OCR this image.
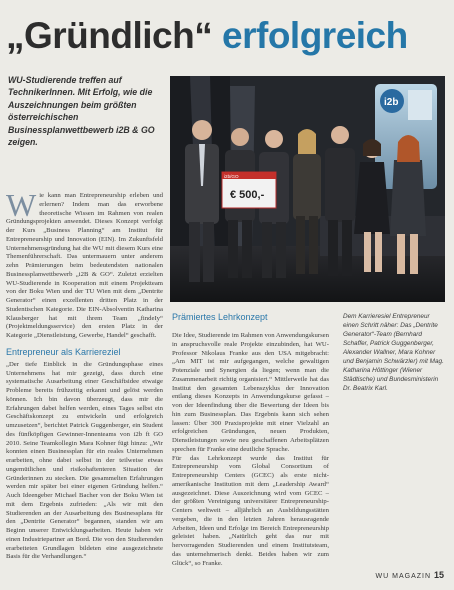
„Gründlich“ erfolgreich
WU-Studierende treffen auf TechnikerInnen. Mit Erfolg, wie die Auszeichnungen beim größten österreichischen Businessplanwettbewerb i2B & GO zeigen.
i2b
i2b/GO
€ 500,-

Wie kann man Entrepreneurship erleben und erlernen? Indem man das erworbene theoretische Wissen im Rahmen von realen Gründungsprojekten anwendet. Dieses Konzept verfolgt der Kurs „Business Planning“ am Institut für Entrepreneurship und Innovation (EIN). Im Zukunftsfeld Unternehmensgründung hat die WU mit diesem Kurs eine Themenführerschaft. Das untermauern unter anderem zehn Prämierungen beim bedeutendsten nationalen Businessplanwettbewerb „i2B & GO“. Zuletzt erzielten WU-Studierende in Kooperation mit einem Projektteam von der Boku Wien und der TU Wien mit dem „Dentrite Generator“ einen exzellenten dritten Platz in der Studentischen Kategorie. Die EIN-Absolventin Katharina Klausberger hat mit ihrem Team „findeIy“ (Projektmeldungsservice) den ersten Platz in der Kategorie „Dienstleistung, Gewerbe, Handel“ geschafft.

Entrepreneur als Karriereziel

„Der tiefe Einblick in die Gründungsphase eines Unternehmens hat mir gezeigt, dass durch eine systematische Ausarbeitung einer Geschäftsidee etwaige Probleme bereits frühzeitig erkannt und gelöst werden können. Ich bin davon überzeugt, dass mir die Erfahrungen dabei helfen werden, eines Tages selbst ein Geschäftskonzept zu entwickeln und erfolgreich umzusetzen“, berichtet Patrick Guggenberger, ein Student des fünfköpfigen Gewinner-Innenteams von i2b ft GO 2010. Seine Teamkollegin Mara Kohner fügt hinzu: „Wir konnten einen Businessplan für ein reales Unternehmen erarbeiten, ohne dabei selbst in der teilweise etwas ungemütlichen und risikohaftenteren Situation der Gründerinnen zu stecken. Die gesammelten Erfahrungen werden mir später bei einer eigenen Gründung helfen.“ Auch Ideengeber Michael Bacher von der Boku Wien ist mit dem Ergebnis zufrieden: „Als wir mit den Studierenden an der Ausarbeitung des Businessplans für den „Dentrite Generator“ begannen, standen wir am Beginn unserer Entwicklungsarbeiten. Heute haben wir einen Industriepartner an Bord. Die von den Studierenden erarbeiteten Grundlagen bildeten eine ausgezeichnete Basis für die Verhandlungen.“

Prämiertes Lehrkonzept

Die Idee, Studierende im Rahmen von Anwendungskursen in anspruchsvolle reale Projekte einzubinden, hat WU-Professor Nikolaus Franke aus den USA mitgebracht: „Am MIT ist mir aufgegangen, welche gewaltigen Potenziale und Synergien da liegen; wenn man die Zusammenarbeit richtig organisiert.“ Mittlerweile hat das Institut den gesamten Lebenszyklus der Innovation entlang dieses Konzepts in Anwendungskurse gefasst – von der Ideenfindung über die Bewertung der Ideen bis hin zum Businessplan. Das Ergebnis kann sich sehen lassen: Über 300 Praxisprojekte mit einer Vielzahl an erfolgreichen Gründungen, neuen Produkten, Dienstleistungen sowie neu geschaffenen Arbeitsplätzen sprechen für Franke eine deutliche Sprache.

Für das Lehrkonzept wurde das Institut für Entrepreneurship vom Global Consortium of Entrepreneurship Centers (GCEC) als erste nicht-amerikanische Institution mit dem „Leadership Award“ ausgezeichnet. Diese Auszeichnung wird vom GCEC – der größten Vereinigung universitärer Entrepreneurship-Centers weltweit – alljährlich an Ausbildungsstätten vergeben, die in den letzten Jahren herausragende Arbeiten, Ideen und Erfolge im Bereich Entrepreneurship geleistet haben. „Natürlich geht das nur mit hervorragenden Studierenden und einem Institutsteam, das unternehmerisch denkt. Beides haben wir zum Glück“, so Franke.

Dem Karrieresiel Entrepreneur einen Schritt näher: Das „Dentrite Generator“-Team (Bernhard Schaffer, Patrick Guggenberger, Alexander Wallner, Mara Kohner und Benjamin Schwärzler) mit Mag. Katharina Höttinger (Wiener Städtische) und Bundesministerin Dr. Beatrix Karl.
WU MAGAZIN 15
